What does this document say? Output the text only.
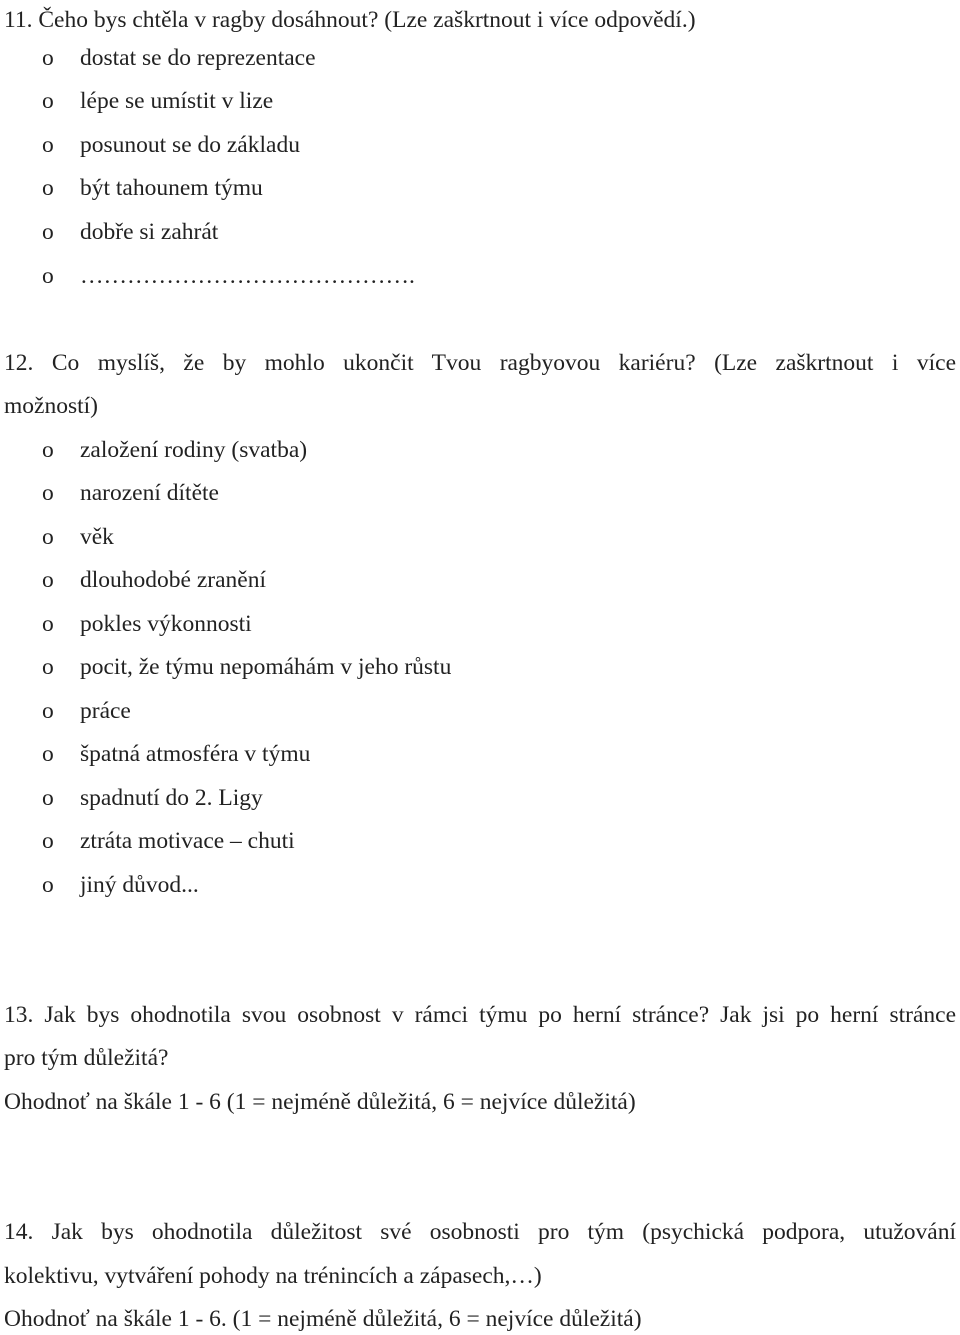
11. Čeho bys chtěla v ragby dosáhnout? (Lze zaškrtnout i více odpovědí.)
o dostat se do reprezentace
o lépe se umístit v lize
o posunout se do základu
o být tahounem týmu
o dobře si zahrát
o …………………………………….
12. Co myslíš, že by mohlo ukončit Tvou ragbyovou kariéru? (Lze zaškrtnout i více
možností)
o založení rodiny (svatba)
o narození dítěte
o věk
o dlouhodobé zranění
o pokles výkonnosti
o pocit, že týmu nepomáhám v jeho růstu
o práce
o špatná atmosféra v týmu
o spadnutí do 2. Ligy
o ztráta motivace – chuti
o jiný důvod...
13. Jak bys ohodnotila svou osobnost v rámci týmu po herní stránce? Jak jsi po herní stránce
pro tým důležitá?
Ohodnoť na škále 1 - 6 (1 = nejméně důležitá, 6 = nejvíce důležitá)
14. Jak bys ohodnotila důležitost své osobnosti pro tým (psychická podpora, utužování
kolektivu, vytváření pohody na trénincích a zápasech,…)
Ohodnoť na škále 1 - 6. (1 = nejméně důležitá, 6 = nejvíce důležitá)
